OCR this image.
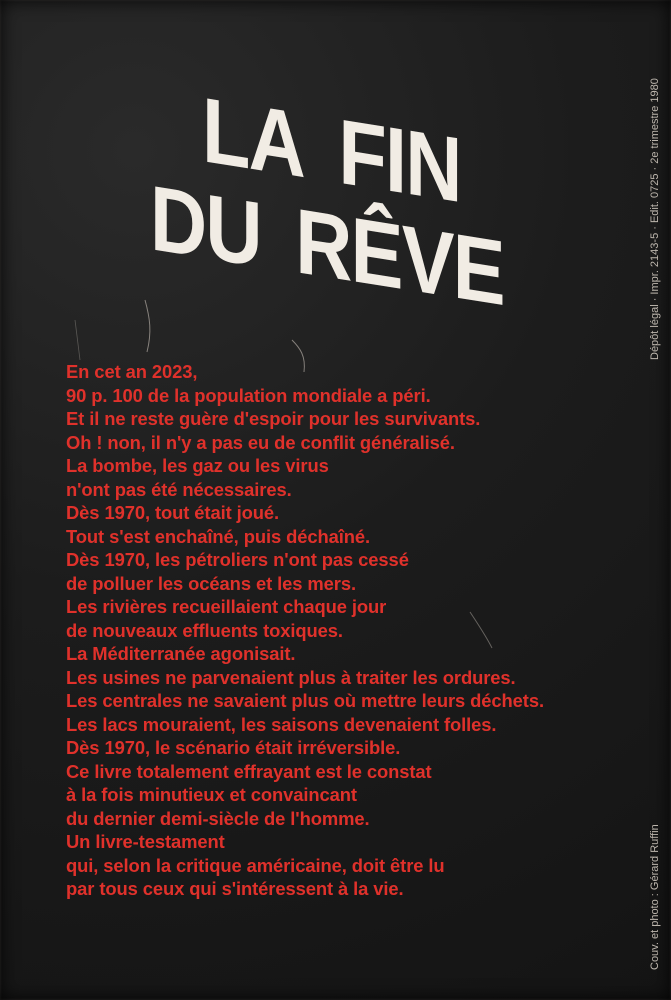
LA FIN
DU RÊVE
En cet an 2023,
90 p. 100 de la population mondiale a péri.
Et il ne reste guère d'espoir pour les survivants.
Oh ! non, il n'y a pas eu de conflit généralisé.
La bombe, les gaz ou les virus
n'ont pas été nécessaires.
Dès 1970, tout était joué.
Tout s'est enchaîné, puis déchaîné.
Dès 1970, les pétroliers n'ont pas cessé
de polluer les océans et les mers.
Les rivières recueillaient chaque jour
de nouveaux effluents toxiques.
La Méditerranée agonisait.
Les usines ne parvenaient plus à traiter les ordures.
Les centrales ne savaient plus où mettre leurs déchets.
Les lacs mouraient, les saisons devenaient folles.
Dès 1970, le scénario était irréversible.
Ce livre totalement effrayant est le constat
à la fois minutieux et convaincant
du dernier demi-siècle de l'homme.
Un livre-testament
qui, selon la critique américaine, doit être lu
par tous ceux qui s'intéressent à la vie.
Dépôt légal · Impr. 2143-5 · Edit. 0725 · 2e trimestre 1980
Couv. et photo : Gérard Ruffin
